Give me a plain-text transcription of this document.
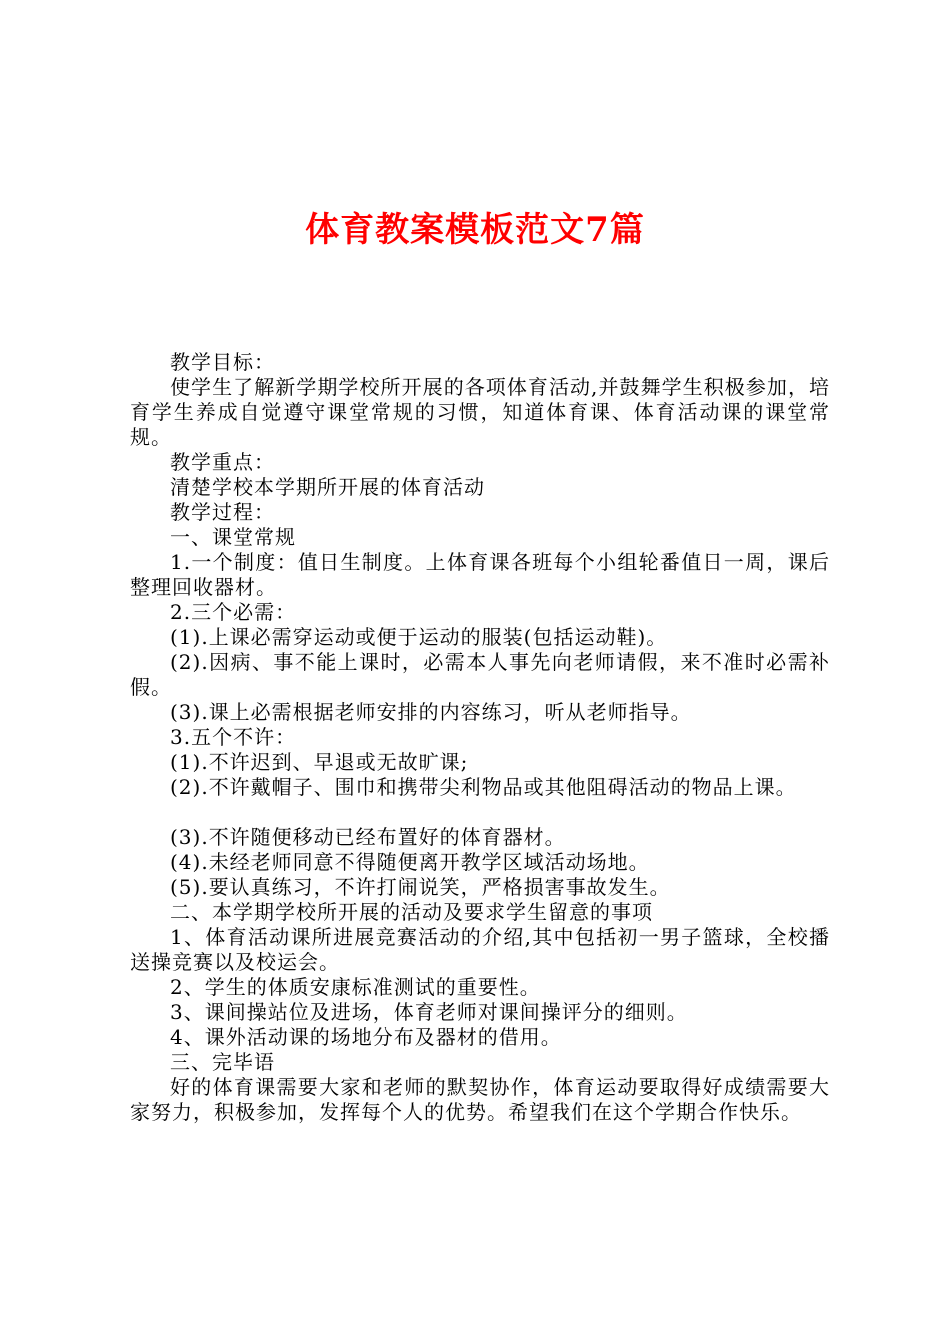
体育教案模板范文7篇

教学目标：

使学生了解新学期学校所开展的各项体育活动,并鼓舞学生积极参加，培育学生养成自觉遵守课堂常规的习惯，知道体育课、体育活动课的课堂常规。

教学重点：

清楚学校本学期所开展的体育活动

教学过程：

一、课堂常规

1.一个制度：值日生制度。上体育课各班每个小组轮番值日一周，课后整理回收器材。

2.三个必需：

(1).上课必需穿运动或便于运动的服装(包括运动鞋)。

(2).因病、事不能上课时，必需本人事先向老师请假，来不准时必需补假。

(3).课上必需根据老师安排的内容练习，听从老师指导。

3.五个不许：

(1).不许迟到、早退或无故旷课;

(2).不许戴帽子、围巾和携带尖利物品或其他阻碍活动的物品上课。

(3).不许随便移动已经布置好的体育器材。

(4).未经老师同意不得随便离开教学区域活动场地。

(5).要认真练习，不许打闹说笑，严格损害事故发生。

二、本学期学校所开展的活动及要求学生留意的事项

1、体育活动课所进展竞赛活动的介绍,其中包括初一男子篮球，全校播送操竞赛以及校运会。

2、学生的体质安康标准测试的重要性。

3、课间操站位及进场，体育老师对课间操评分的细则。

4、课外活动课的场地分布及器材的借用。

三、完毕语

好的体育课需要大家和老师的默契协作，体育运动要取得好成绩需要大家努力，积极参加，发挥每个人的优势。希望我们在这个学期合作快乐。
